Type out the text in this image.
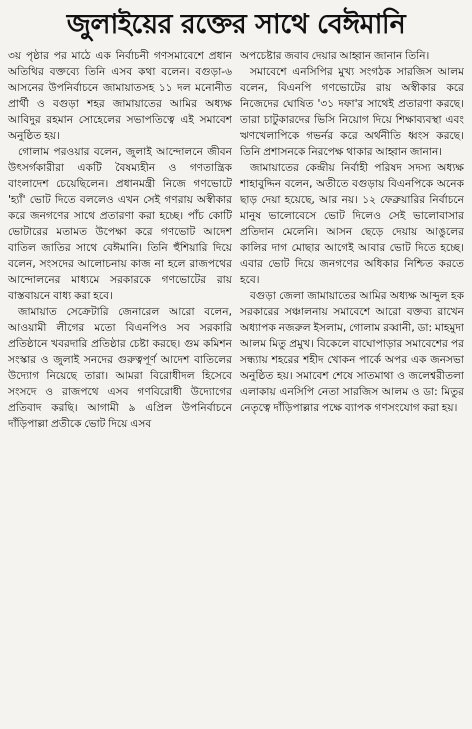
জুলাইয়ের রক্তের সাথে বেঈমানি

৩য় পৃষ্ঠার পর মাঠে এক নির্বাচনী গণসমাবেশে প্রধান অতিথির বক্তব্যে তিনি এসব কথা বলেন। বগুড়া-৬ আসনের উপনির্বাচনে জামায়াতসহ ১১ দল মনোনীত প্রার্থী ও বগুড়া শহর জামায়াতের আমির অধ্যক্ষ আবিদুর রহমান সোহেলের সভাপতিত্বে এই সমাবেশ অনুষ্ঠিত হয়।

গোলাম পরওয়ার বলেন, জুলাই আন্দোলনে জীবন উৎসর্গকারীরা একটি বৈষম্যহীন ও গণতান্ত্রিক বাংলাদেশ চেয়েছিলেন। প্রধানমন্ত্রী নিজে গণভোটে 'হ্যাঁ' ভোট দিতে বললেও এখন সেই গণরায় অস্বীকার করে জনগণের সাথে প্রতারণা করা হচ্ছে। পাঁচ কোটি ভোটারের মতামত উপেক্ষা করে গণভোট আদেশ বাতিল জাতির সাথে বেঈমানি। তিনি হুঁশিয়ারি দিয়ে বলেন, সংসদের আলোচনায় কাজ না হলে রাজপথের আন্দোলনের মাধ্যমে সরকারকে গণভোটের রায় বাস্তবায়নে বাধ্য করা হবে।

জামায়াত সেক্রেটারি জেনারেল আরো বলেন, আওয়ামী লীগের মতো বিএনপিও সব সরকারি প্রতিষ্ঠানে খবরদারি প্রতিষ্ঠার চেষ্টা করছে। গুম কমিশন সংস্কার ও জুলাই সনদের গুরুত্বপূর্ণ আদেশ বাতিলের উদ্যোগ নিয়েছে তারা। আমরা বিরোধীদল হিসেবে সংসদে ও রাজপথে এসব গণবিরোধী উদ্যোগের প্রতিবাদ করছি। আগামী ৯ এপ্রিল উপনির্বাচনে দাঁড়িপাল্লা প্রতীকে ভোট দিয়ে এসব

অপচেষ্টার জবাব দেয়ার আহ্বান জানান তিনি।

সমাবেশে এনসিপির মুখ্য সংগঠক সারজিস আলম বলেন, বিএনপি গণভোটের রায় অস্বীকার করে নিজেদের ঘোষিত '৩১ দফা'র সাথেই প্রতারণা করছে। তারা চাটুকারদের ভিসি নিয়োগ দিয়ে শিক্ষাব্যবস্থা এবং ঋণখেলাপিকে গভর্নর করে অর্থনীতি ধ্বংস করছে। তিনি প্রশাসনকে নিরপেক্ষ থাকার আহ্বান জানান।

জামায়াতের কেন্দ্রীয় নির্বাহী পরিষদ সদস্য অধ্যক্ষ শাহাবুদ্দিন বলেন, অতীতে বগুড়ায় বিএনপিকে অনেক ছাড় দেয়া হয়েছে, আর নয়। ১২ ফেব্রুয়ারির নির্বাচনে মানুষ ভালোবেসে ভোট দিলেও সেই ভালোবাসার প্রতিদান মেলেনি। আসন ছেড়ে দেয়ায় আঙুলের কালির দাগ মোছার আগেই আবার ভোট দিতে হচ্ছে। এবার ভোট দিয়ে জনগণের অধিকার নিশ্চিত করতে হবে।

বগুড়া জেলা জামায়াতের আমির অধ্যক্ষ আব্দুল হক সরকারের সঞ্চালনায় সমাবেশে আরো বক্তব্য রাখেন অধ্যাপক নজরুল ইসলাম, গোলাম রব্বানী, ডা: মাহমুদা আলম মিতু প্রমুখ। বিকেলে বাঘোপাড়ার সমাবেশের পর সন্ধ্যায় শহরের শহীদ খোকন পার্কে অপর এক জনসভা অনুষ্ঠিত হয়। সমাবেশ শেষে সাতমাথা ও জলেশ্বরীতলা এলাকায় এনসিপি নেতা সারজিস আলম ও ডা: মিতুর নেতৃত্বে দাঁড়িপাল্লার পক্ষে ব্যাপক গণসংযোগ করা হয়।
